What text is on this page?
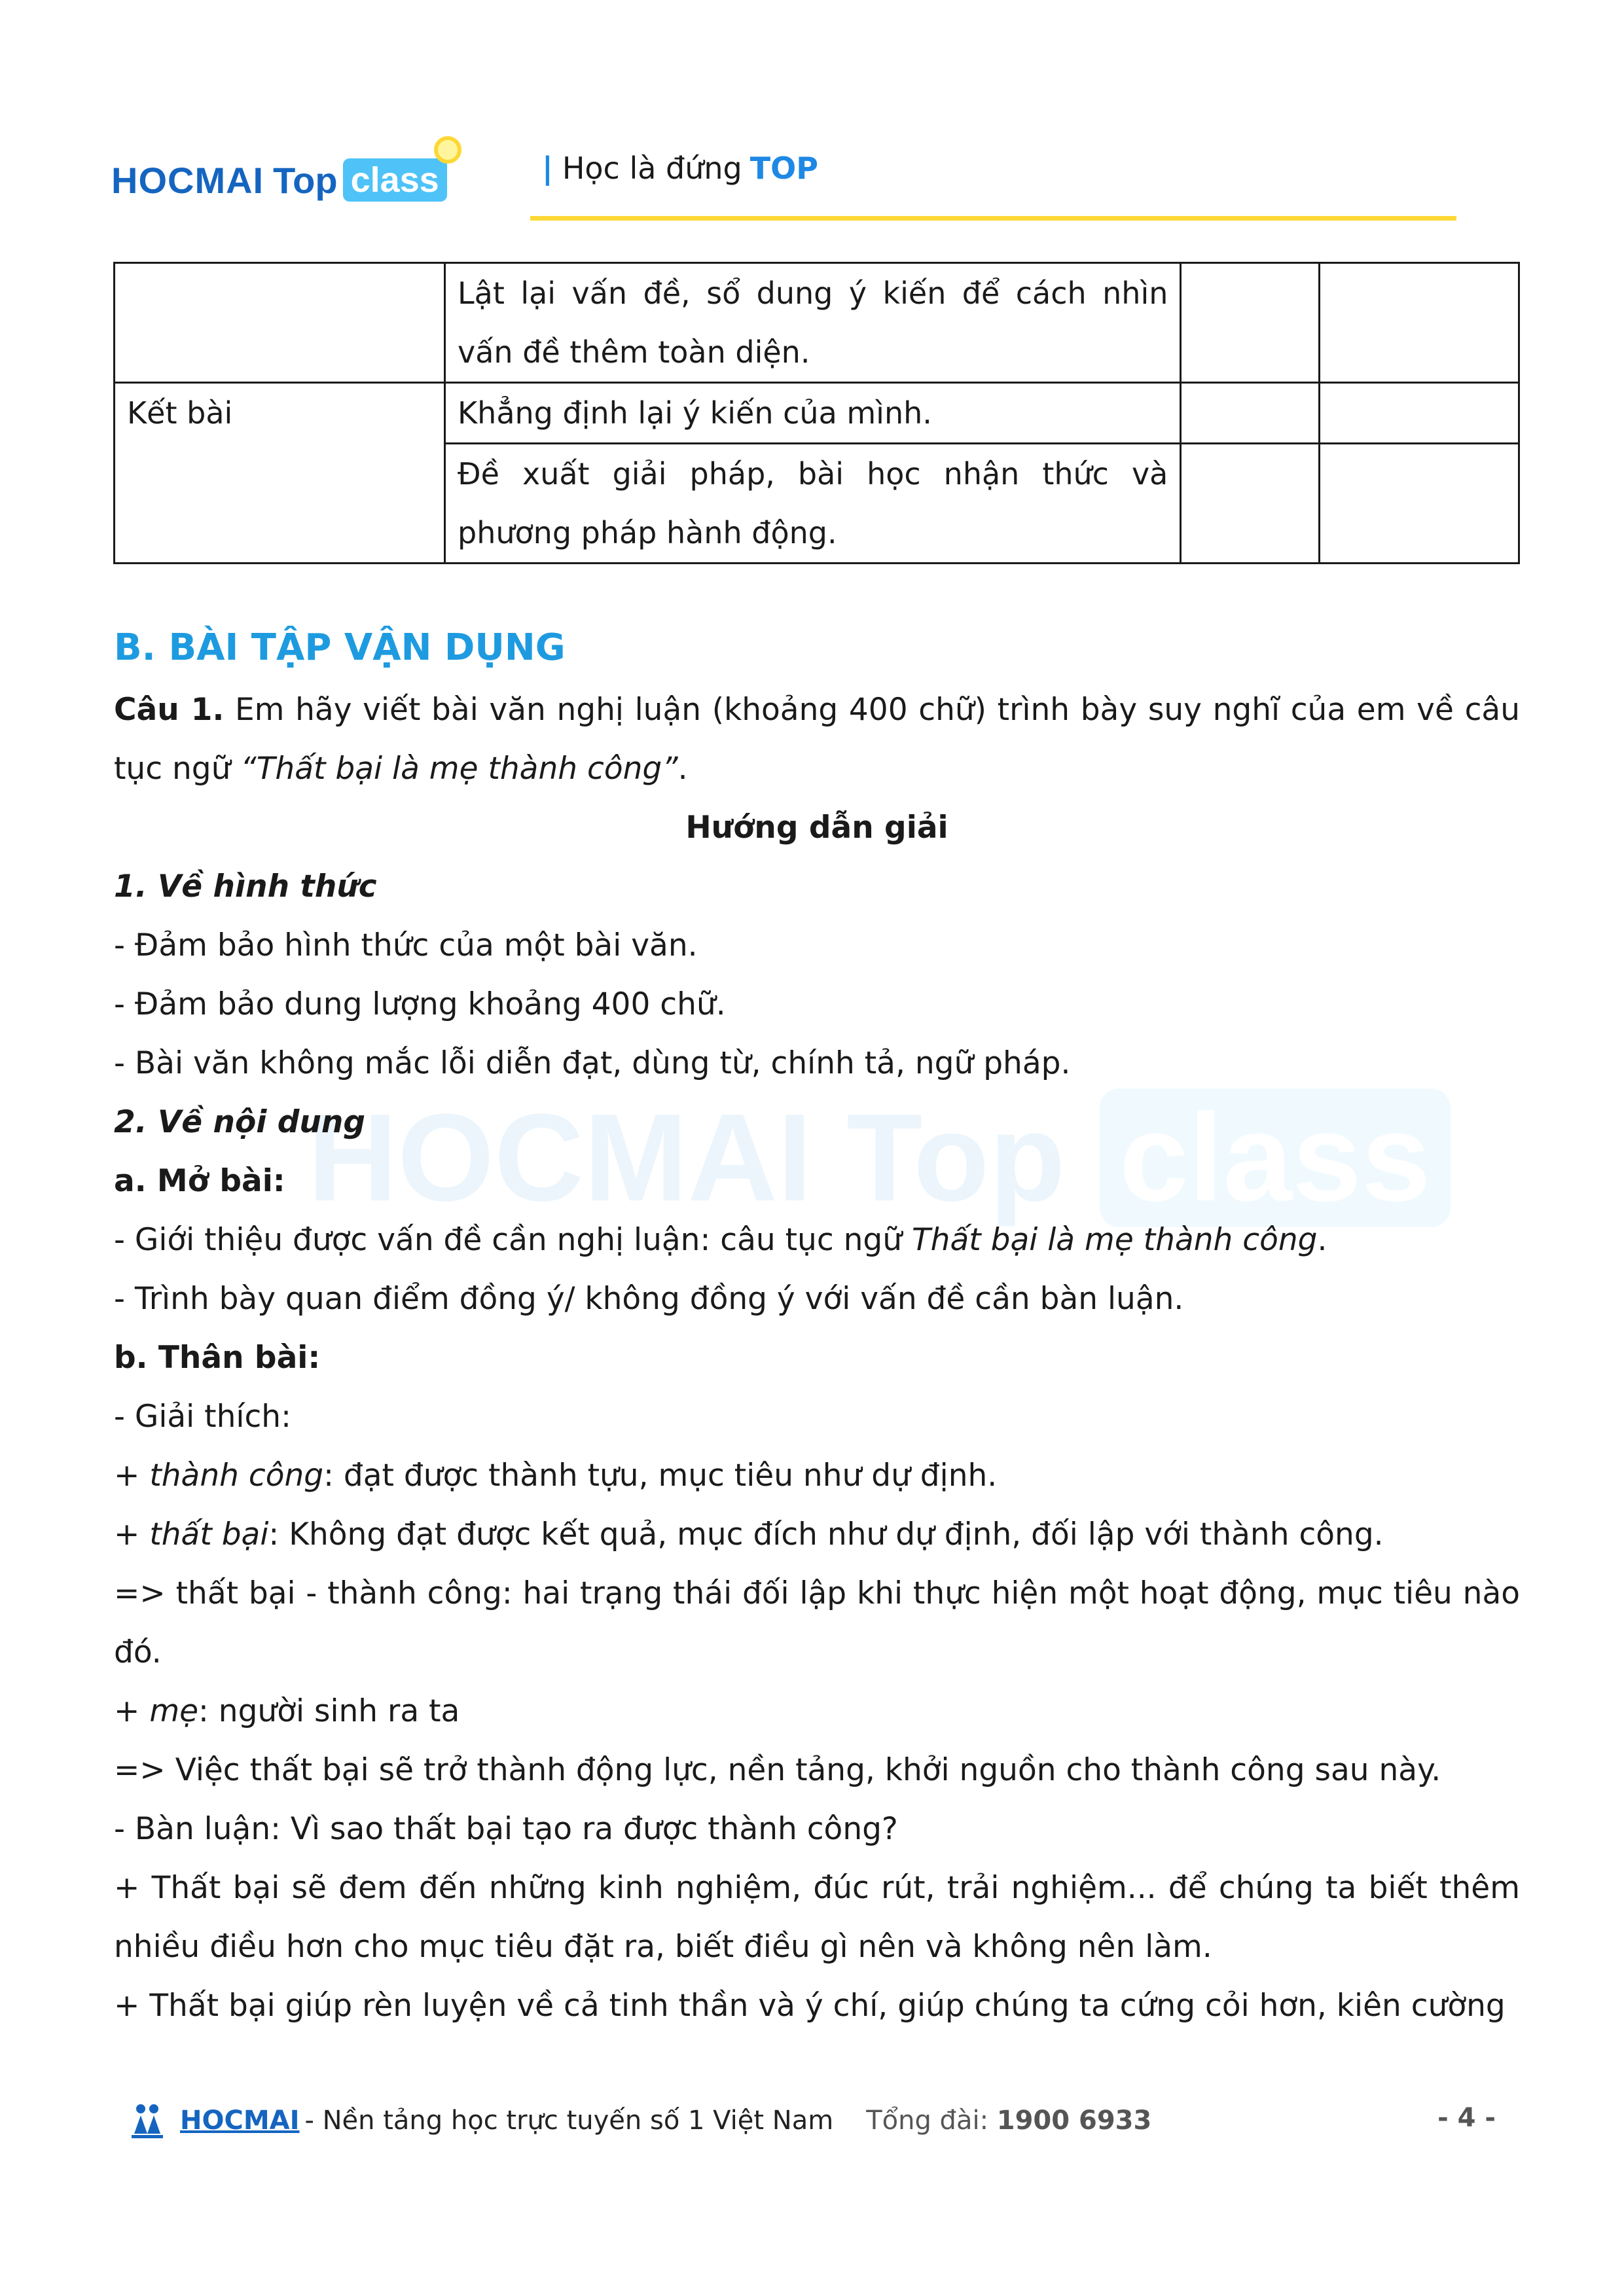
HOCMAI Top class	| Học là đứng TOP
HOCMAI Top class
	Lật lại vấn đề, sổ dung ý kiến để cách nhìn vấn đề thêm toàn diện.		
Kết bài	Khẳng định lại ý kiến của mình.		
	Đề xuất giải pháp, bài học nhận thức và phương pháp hành động.		

B. BÀI TẬP VẬN DỤNG

Câu 1. Em hãy viết bài văn nghị luận (khoảng 400 chữ) trình bày suy nghĩ của em về câu tục ngữ “Thất bại là mẹ thành công”.

Hướng dẫn giải

1. Về hình thức

- Đảm bảo hình thức của một bài văn.

- Đảm bảo dung lượng khoảng 400 chữ.

- Bài văn không mắc lỗi diễn đạt, dùng từ, chính tả, ngữ pháp.

2. Về nội dung

a. Mở bài:

- Giới thiệu được vấn đề cần nghị luận: câu tục ngữ Thất bại là mẹ thành công.

- Trình bày quan điểm đồng ý/ không đồng ý với vấn đề cần bàn luận.

b. Thân bài:

- Giải thích:

+ thành công: đạt được thành tựu, mục tiêu như dự định.

+ thất bại: Không đạt được kết quả, mục đích như dự định, đối lập với thành công.

=> thất bại - thành công: hai trạng thái đối lập khi thực hiện một hoạt động, mục tiêu nào đó.

+ mẹ: người sinh ra ta

=> Việc thất bại sẽ trở thành động lực, nền tảng, khởi nguồn cho thành công sau này.

- Bàn luận: Vì sao thất bại tạo ra được thành công?

+ Thất bại sẽ đem đến những kinh nghiệm, đúc rút, trải nghiệm... để chúng ta biết thêm nhiều điều hơn cho mục tiêu đặt ra, biết điều gì nên và không nên làm.

+ Thất bại giúp rèn luyện về cả tinh thần và ý chí, giúp chúng ta cứng cỏi hơn, kiên cường

HOCMAI - Nền tảng học trực tuyến số 1 Việt Nam Tổng đài: 1900 6933	- 4 -
